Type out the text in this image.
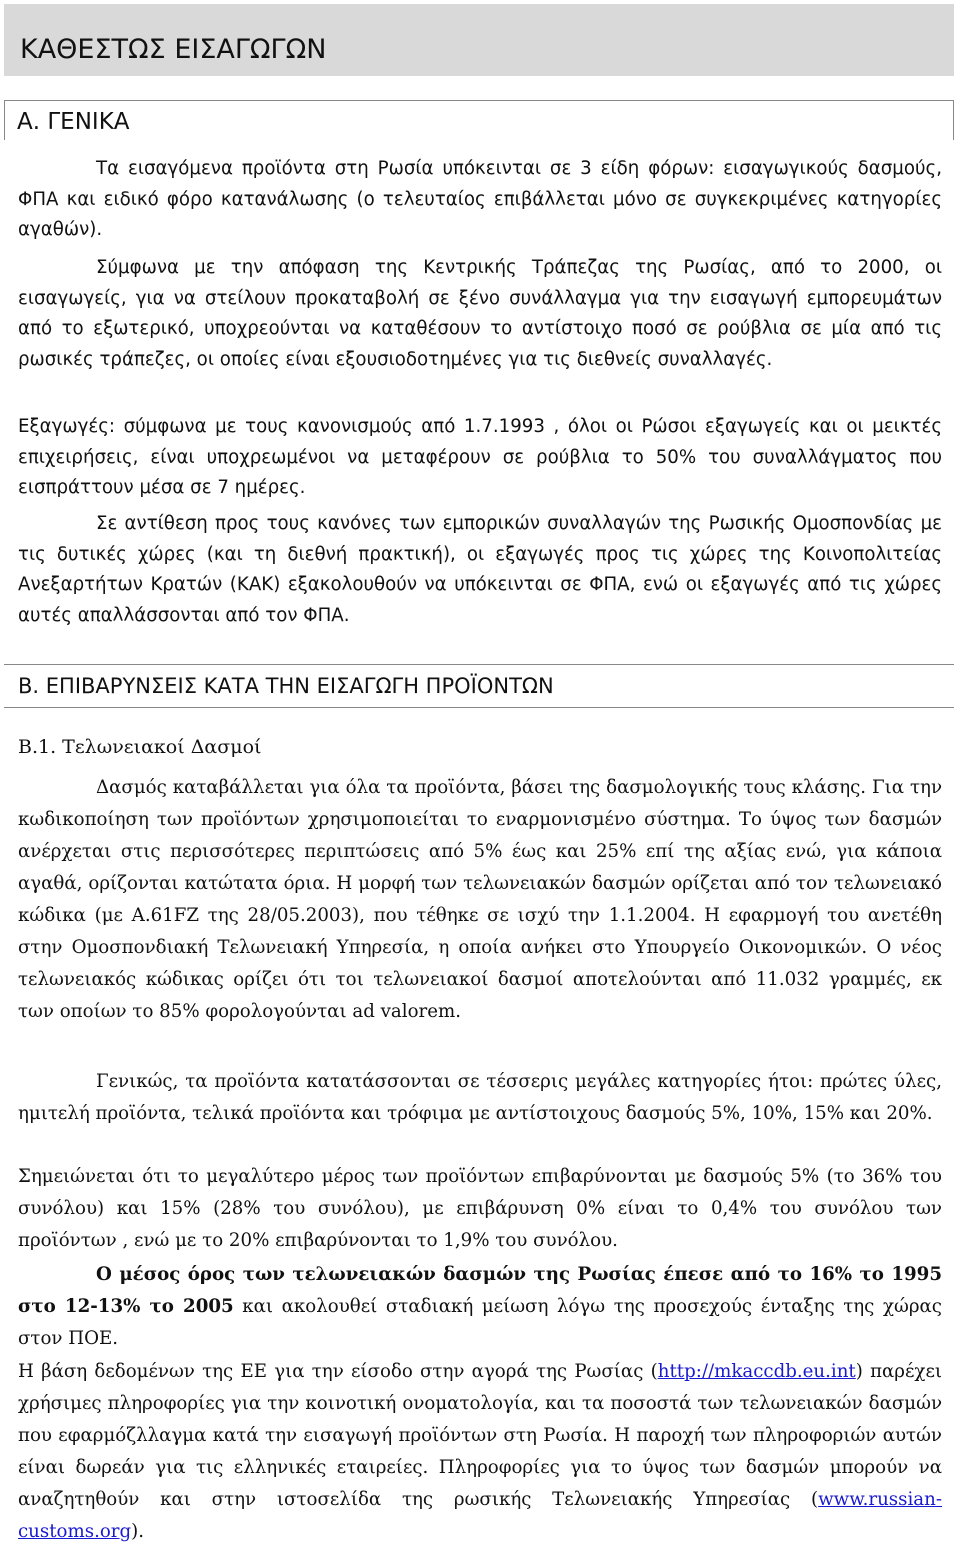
ΚΑΘΕΣΤΩΣ ΕΙΣΑΓΩΓΩΝ
Α. ΓΕΝΙΚΑ

Τα εισαγόμενα προϊόντα στη Ρωσία υπόκεινται σε 3 είδη φόρων: εισαγωγικούς δασμούς, ΦΠΑ και ειδικό φόρο κατανάλωσης (ο τελευταίος επιβάλλεται μόνο σε συγκεκριμένες κατηγορίες αγαθών).

Σύμφωνα με την απόφαση της Κεντρικής Τράπεζας της Ρωσίας, από το 2000, οι εισαγωγείς, για να στείλουν προκαταβολή σε ξένο συνάλλαγμα για την εισαγωγή εμπορευμάτων από το εξωτερικό, υποχρεούνται να καταθέσουν το αντίστοιχο ποσό σε ρούβλια σε μία από τις ρωσικές τράπεζες, οι οποίες είναι εξουσιοδοτημένες για τις διεθνείς συναλλαγές.

Εξαγωγές: σύμφωνα με τους κανονισμούς από 1.7.1993 , όλοι οι Ρώσοι εξαγωγείς και οι μεικτές επιχειρήσεις, είναι υποχρεωμένοι να μεταφέρουν σε ρούβλια το 50% του συναλλάγματος που εισπράττουν μέσα σε 7 ημέρες.

Σε αντίθεση προς τους κανόνες των εμπορικών συναλλαγών της Ρωσικής Ομοσπονδίας με τις δυτικές χώρες (και τη διεθνή πρακτική), οι εξαγωγές προς τις χώρες της Κοινοπολιτείας Ανεξαρτήτων Κρατών (ΚΑΚ) εξακολουθούν να υπόκεινται σε ΦΠΑ, ενώ οι εξαγωγές από τις χώρες αυτές απαλλάσσονται από τον ΦΠΑ.

Β. ΕΠΙΒΑΡΥΝΣΕΙΣ ΚΑΤΑ ΤΗΝ ΕΙΣΑΓΩΓΗ ΠΡΟΪΟΝΤΩΝ
Β.1. Τελωνειακοί Δασμοί

Δασμός καταβάλλεται για όλα τα προϊόντα, βάσει της δασμολογικής τους κλάσης. Για την κωδικοποίηση των προϊόντων χρησιμοποιείται το εναρμονισμένο σύστημα. Το ύψος των δασμών ανέρχεται στις περισσότερες περιπτώσεις από 5% έως και 25% επί της αξίας ενώ, για κάποια αγαθά, ορίζονται κατώτατα όρια. Η μορφή των τελωνειακών δασμών ορίζεται από τον τελωνειακό κώδικα (με Α.61FZ της 28/05.2003), που τέθηκε σε ισχύ την 1.1.2004. Η εφαρμογή του ανετέθη στην Ομοσπονδιακή Τελωνειακή Υπηρεσία, η οποία ανήκει στο Υπουργείο Οικονομικών. Ο νέος τελωνειακός κώδικας ορίζει ότι τοι τελωνειακοί δασμοί αποτελούνται από 11.032 γραμμές, εκ των οποίων το 85% φορολογούνται ad valorem.

Γενικώς, τα προϊόντα κατατάσσονται σε τέσσερις μεγάλες κατηγορίες ήτοι: πρώτες ύλες, ημιτελή προϊόντα, τελικά προϊόντα και τρόφιμα με αντίστοιχους δασμούς 5%, 10%, 15% και 20%.

Σημειώνεται ότι το μεγαλύτερο μέρος των προϊόντων επιβαρύνονται με δασμούς 5% (το 36% του συνόλου) και 15% (28% του συνόλου), με επιβάρυνση 0% είναι το 0,4% του συνόλου των προϊόντων , ενώ με το 20% επιβαρύνονται το 1,9% του συνόλου.

Ο μέσος όρος των τελωνειακών δασμών της Ρωσίας έπεσε από το 16% το 1995 στο 12-13% το 2005 και ακολουθεί σταδιακή μείωση λόγω της προσεχούς ένταξης της χώρας στον ΠΟΕ.

Η βάση δεδομένων της ΕΕ για την είσοδο στην αγορά της Ρωσίας (http://mkaccdb.eu.int) παρέχει χρήσιμες πληροφορίες για την κοινοτική ονοματολογία, και τα ποσοστά των τελωνειακών δασμών που εφαρμόζλλαγμα κατά την εισαγωγή προϊόντων στη Ρωσία. Η παροχή των πληροφοριών αυτών είναι δωρεάν για τις ελληνικές εταιρείες. Πληροφορίες για το ύψος των δασμών μπορούν να αναζητηθούν και στην ιστοσελίδα της ρωσικής Τελωνειακής Υπηρεσίας (www.russian-customs.org).
